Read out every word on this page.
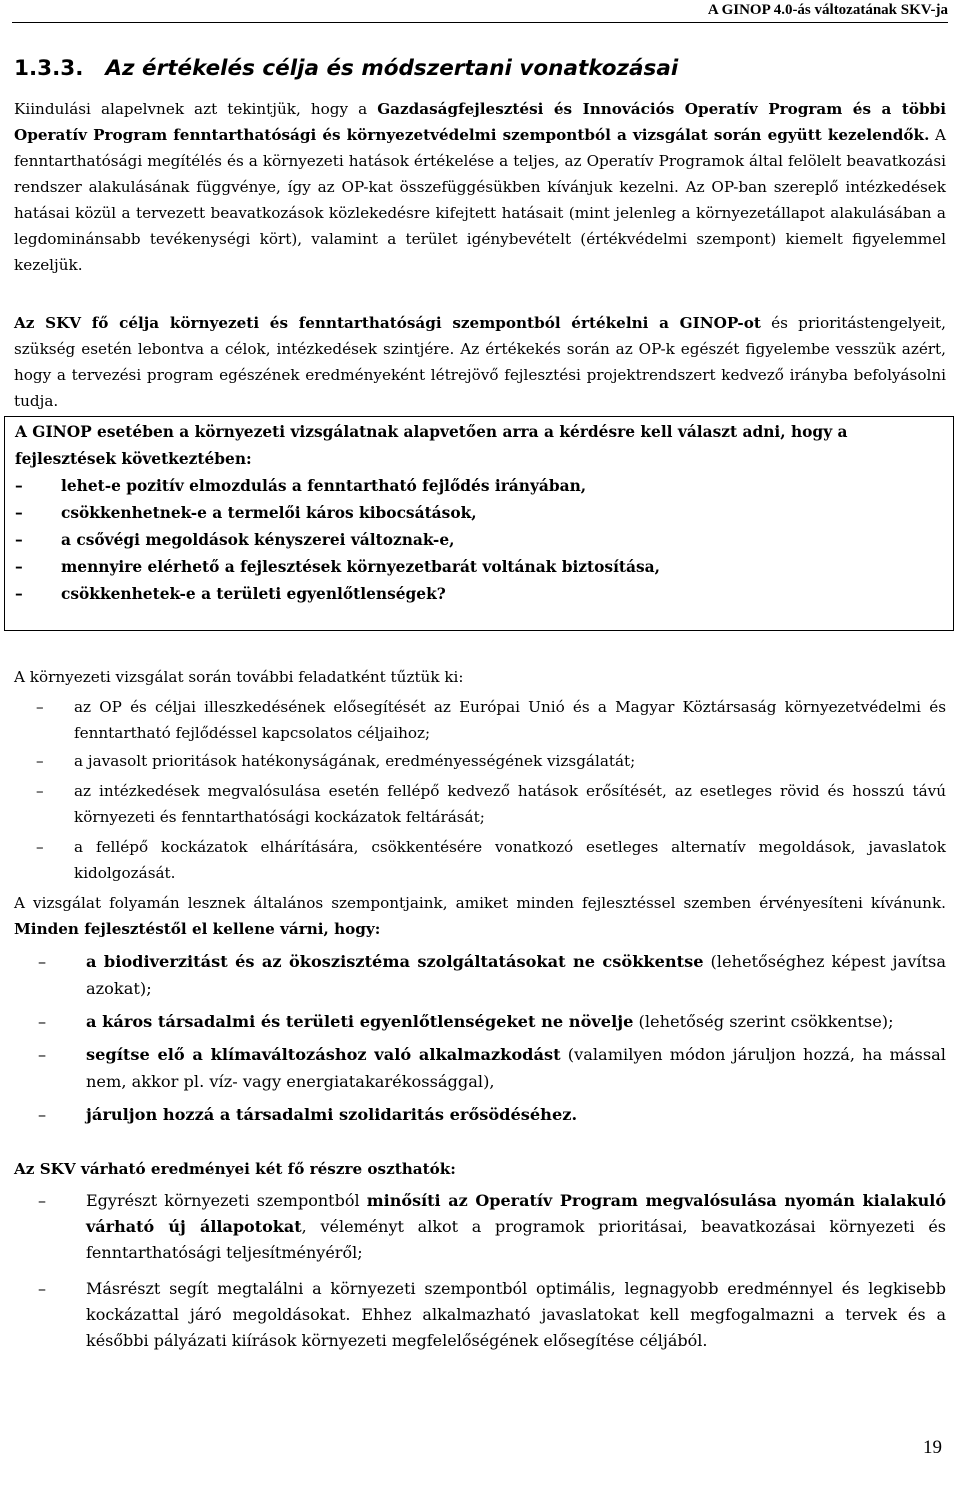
A GINOP 4.0-ás változatának SKV-ja
1.3.3. Az értékelés célja és módszertani vonatkozásai

Kiindulási alapelvnek azt tekintjük, hogy a Gazdaságfejlesztési és Innovációs Operatív Program és a többi Operatív Program fenntarthatósági és környezetvédelmi szempontból a vizsgálat során együtt kezelendők. A fenntarthatósági megítélés és a környezeti hatások értékelése a teljes, az Operatív Programok által felölelt beavatkozási rendszer alakulásának függvénye, így az OP-kat összefüggésükben kívánjuk kezelni. Az OP-ban szereplő intézkedések hatásai közül a tervezett beavatkozások közlekedésre kifejtett hatásait (mint jelenleg a környezetállapot alakulásában a legdominánsabb tevékenységi kört), valamint a terület igénybevételt (értékvédelmi szempont) kiemelt figyelemmel kezeljük.

Az SKV fő célja környezeti és fenntarthatósági szempontból értékelni a GINOP-ot és prioritástengelyeit, szükség esetén lebontva a célok, intézkedések szintjére. Az értékekés során az OP-k egészét figyelembe vesszük azért, hogy a tervezési program egészének eredményeként létrejövő fejlesztési projektrendszert kedvező irányba befolyásolni tudja.

A GINOP esetében a környezeti vizsgálatnak alapvetően arra a kérdésre kell választ adni, hogy a fejlesztések következtében:
– lehet-e pozitív elmozdulás a fenntartható fejlődés irányában,
– csökkenhetnek-e a termelői káros kibocsátások,
– a csővégi megoldások kényszerei változnak-e,
– mennyire elérhető a fejlesztések környezetbarát voltának biztosítása,
– csökkenhetek-e a területi egyenlőtlenségek?

A környezeti vizsgálat során további feladatként tűztük ki:

– az OP és céljai illeszkedésének elősegítését az Európai Unió és a Magyar Köztársaság környezetvédelmi és fenntartható fejlődéssel kapcsolatos céljaihoz;
– a javasolt prioritások hatékonyságának, eredményességének vizsgálatát;
– az intézkedések megvalósulása esetén fellépő kedvező hatások erősítését, az esetleges rövid és hosszú távú környezeti és fenntarthatósági kockázatok feltárását;
– a fellépő kockázatok elhárítására, csökkentésére vonatkozó esetleges alternatív megoldások, javaslatok kidolgozását.

A vizsgálat folyamán lesznek általános szempontjaink, amiket minden fejlesztéssel szemben érvényesíteni kívánunk. Minden fejlesztéstől el kellene várni, hogy:

– a biodiverzitást és az ökoszisztéma szolgáltatásokat ne csökkentse (lehetőséghez képest javítsa azokat);
– a káros társadalmi és területi egyenlőtlenségeket ne növelje (lehetőség szerint csökkentse);
– segítse elő a klímaváltozáshoz való alkalmazkodást (valamilyen módon járuljon hozzá, ha mással nem, akkor pl. víz- vagy energiatakarékossággal),
– járuljon hozzá a társadalmi szolidaritás erősödéséhez.

Az SKV várható eredményei két fő részre oszthatók:

– Egyrészt környezeti szempontból minősíti az Operatív Program megvalósulása nyomán kialakuló várható új állapotokat, véleményt alkot a programok prioritásai, beavatkozásai környezeti és fenntarthatósági teljesítményéről;
– Másrészt segít megtalálni a környezeti szempontból optimális, legnagyobb eredménnyel és legkisebb kockázattal járó megoldásokat. Ehhez alkalmazható javaslatokat kell megfogalmazni a tervek és a későbbi pályázati kiírások környezeti megfelelőségének elősegítése céljából.
19
